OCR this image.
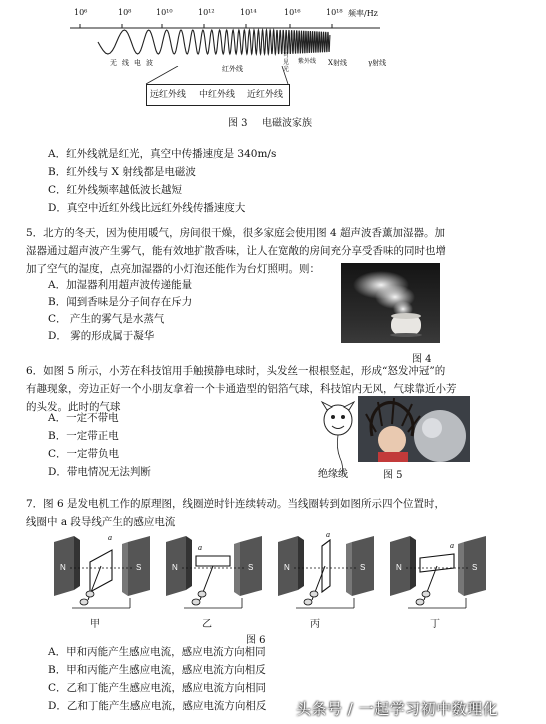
10⁶	10⁸	10¹⁰	10¹²	10¹⁴	10¹⁶	10¹⁸ 频率/Hz
无线电波
红外线
可见光
紫外线 X射线	γ射线
远红外线 中红外线 近红外线
图 3 电磁波家族
A．红外线就是红光，真空中传播速度是 340m/s
B．红外线与 X 射线都是电磁波
C．红外线频率越低波长越短
D．真空中近红外线比远红外线传播速度大
5．北方的冬天，因为使用暖气，房间很干燥，很多家庭会使用图 4 超声波香薰加湿器。加
湿器通过超声波产生雾气，能有效地扩散香味，让人在宽敞的房间充分享受香味的同时也增
加了空气的湿度，点亮加湿器的小灯泡还能作为台灯照明。则：
A．加湿器利用超声波传递能量
B．闻到香味是分子间存在斥力
C． 产生的雾气是水蒸气
D． 雾的形成属于凝华
图 4
6．如图 5 所示，小芳在科技馆用手触摸静电球时，头发丝一根根竖起，形成“怒发冲冠”的
有趣现象，旁边正好一个小朋友拿着一个卡通造型的铝箔气球，科技馆内无风，气球靠近小芳
的头发。此时的气球
A．一定不带电
B．一定带正电
C．一定带负电
D．带电情况无法判断	绝缘线	图 5
7．图 6 是发电机工作的原理图，线圈逆时针连续转动。当线圈转到如图所示四个位置时，
线圈中 a 段导线产生的感应电流
N	S
a
甲
N	S
a
乙
N	S
a
丙
N	S
a
丁
图 6
A．甲和丙能产生感应电流，感应电流方向相同
B．甲和丙能产生感应电流，感应电流方向相反
C．乙和丁能产生感应电流，感应电流方向相同
D．乙和丁能产生感应电流，感应电流方向相反 头条号 / 一起学习初中数理化
